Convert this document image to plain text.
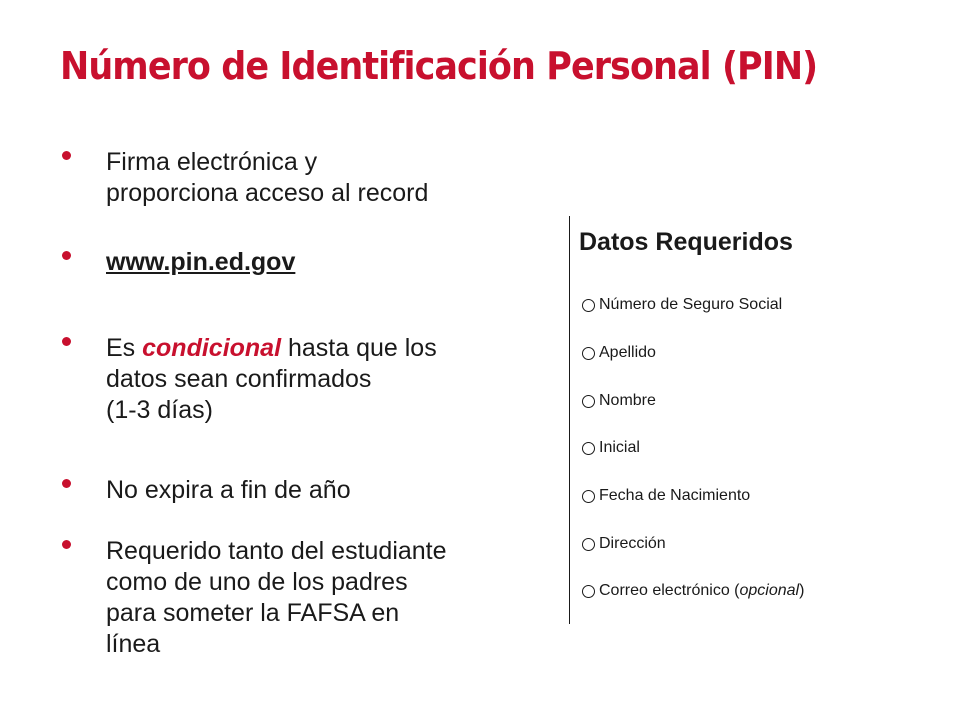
Número de Identificación Personal (PIN)
Firma electrónica y
proporciona acceso al record
www.pin.ed.gov
Es condicional hasta que los
datos sean confirmados
(1-3 días)
No expira a fin de año
Requerido tanto del estudiante
como de uno de los padres
para someter la FAFSA en
línea
Datos Requeridos
Número de Seguro Social
Apellido
Nombre
Inicial
Fecha de Nacimiento
Dirección
Correo electrónico (opcional)
